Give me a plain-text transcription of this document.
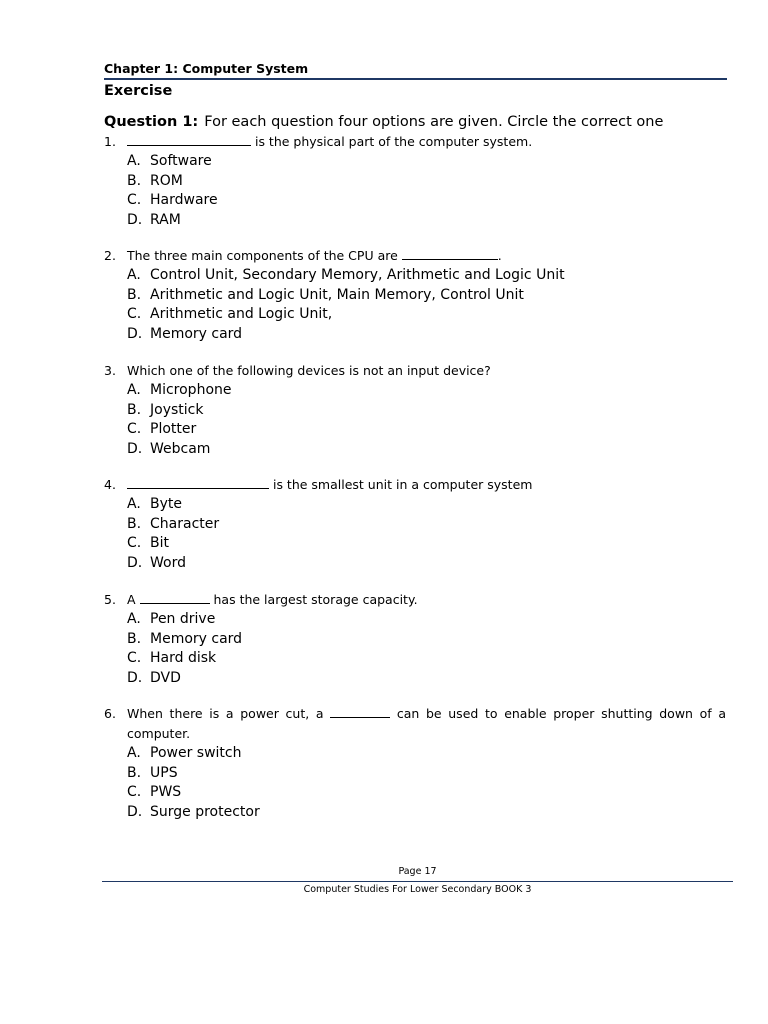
Chapter 1: Computer System
Exercise
Question 1: For each question four options are given. Circle the correct one
1.	is the physical part of the computer system.
A. Software
B. ROM
C. Hardware
D. RAM
2. The three main components of the CPU are	.
A. Control Unit, Secondary Memory, Arithmetic and Logic Unit
B. Arithmetic and Logic Unit, Main Memory, Control Unit
C. Arithmetic and Logic Unit,
D. Memory card
3. Which one of the following devices is not an input device?
A. Microphone
B. Joystick
C. Plotter
D. Webcam
4.	is the smallest unit in a computer system
A. Byte
B. Character
C. Bit
D. Word
5. A	has the largest storage capacity.
A. Pen drive
B. Memory card
C. Hard disk
D. DVD
6. When there is a power cut, a	can be used to enable proper shutting down of a computer.
A. Power switch
B. UPS
C. PWS
D. Surge protector
Page 17
Computer Studies For Lower Secondary BOOK 3
